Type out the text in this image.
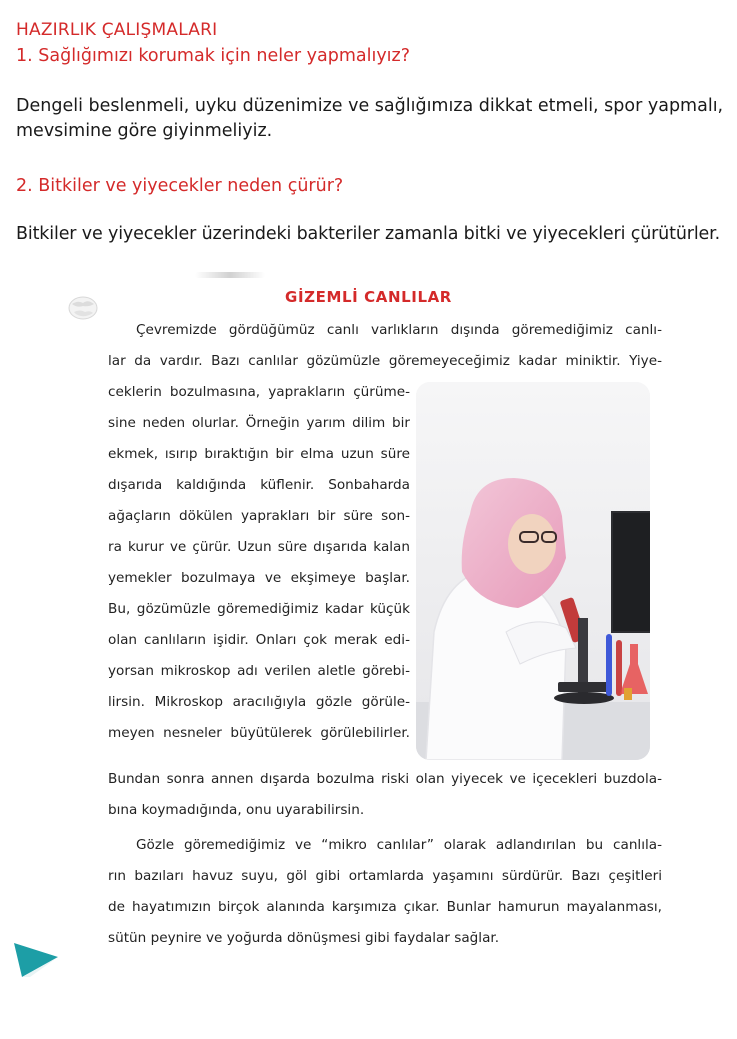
HAZIRLIK ÇALIŞMALARI
1. Sağlığımızı korumak için neler yapmalıyız?
Dengeli beslenmeli, uyku düzenimize ve sağlığımıza dikkat etmeli, spor yapmalı, mevsimine göre giyinmeliyiz.
2. Bitkiler ve yiyecekler neden çürür?
Bitkiler ve yiyecekler üzerindeki bakteriler zamanla bitki ve yiyecekleri çürütürler.
GİZEMLİ CANLILAR
Çevremizde gördüğümüz canlı varlıkların dışında göremediğimiz canlı-
lar da vardır. Bazı canlılar gözümüzle göremeyeceğimiz kadar miniktir. Yiye-
ceklerin bozulmasına, yaprakların çürüme-
sine neden olurlar. Örneğin yarım dilim bir
ekmek, ısırıp bıraktığın bir elma uzun süre
dışarıda kaldığında küflenir. Sonbaharda
ağaçların dökülen yaprakları bir süre son-
ra kurur ve çürür. Uzun süre dışarıda kalan
yemekler bozulmaya ve ekşimeye başlar.
Bu, gözümüzle göremediğimiz kadar küçük
olan canlıların işidir. Onları çok merak edi-
yorsan mikroskop adı verilen aletle görebi-
lirsin. Mikroskop aracılığıyla gözle görüle-
meyen nesneler büyütülerek görülebilirler.
Bundan sonra annen dışarda bozulma riski olan yiyecek ve içecekleri buzdola-
bına koymadığında, onu uyarabilirsin.
Gözle göremediğimiz ve “mikro canlılar” olarak adlandırılan bu canlıla-
rın bazıları havuz suyu, göl gibi ortamlarda yaşamını sürdürür. Bazı çeşitleri
de hayatımızın birçok alanında karşımıza çıkar. Bunlar hamurun mayalanması,
sütün peynire ve yoğurda dönüşmesi gibi faydalar sağlar.
